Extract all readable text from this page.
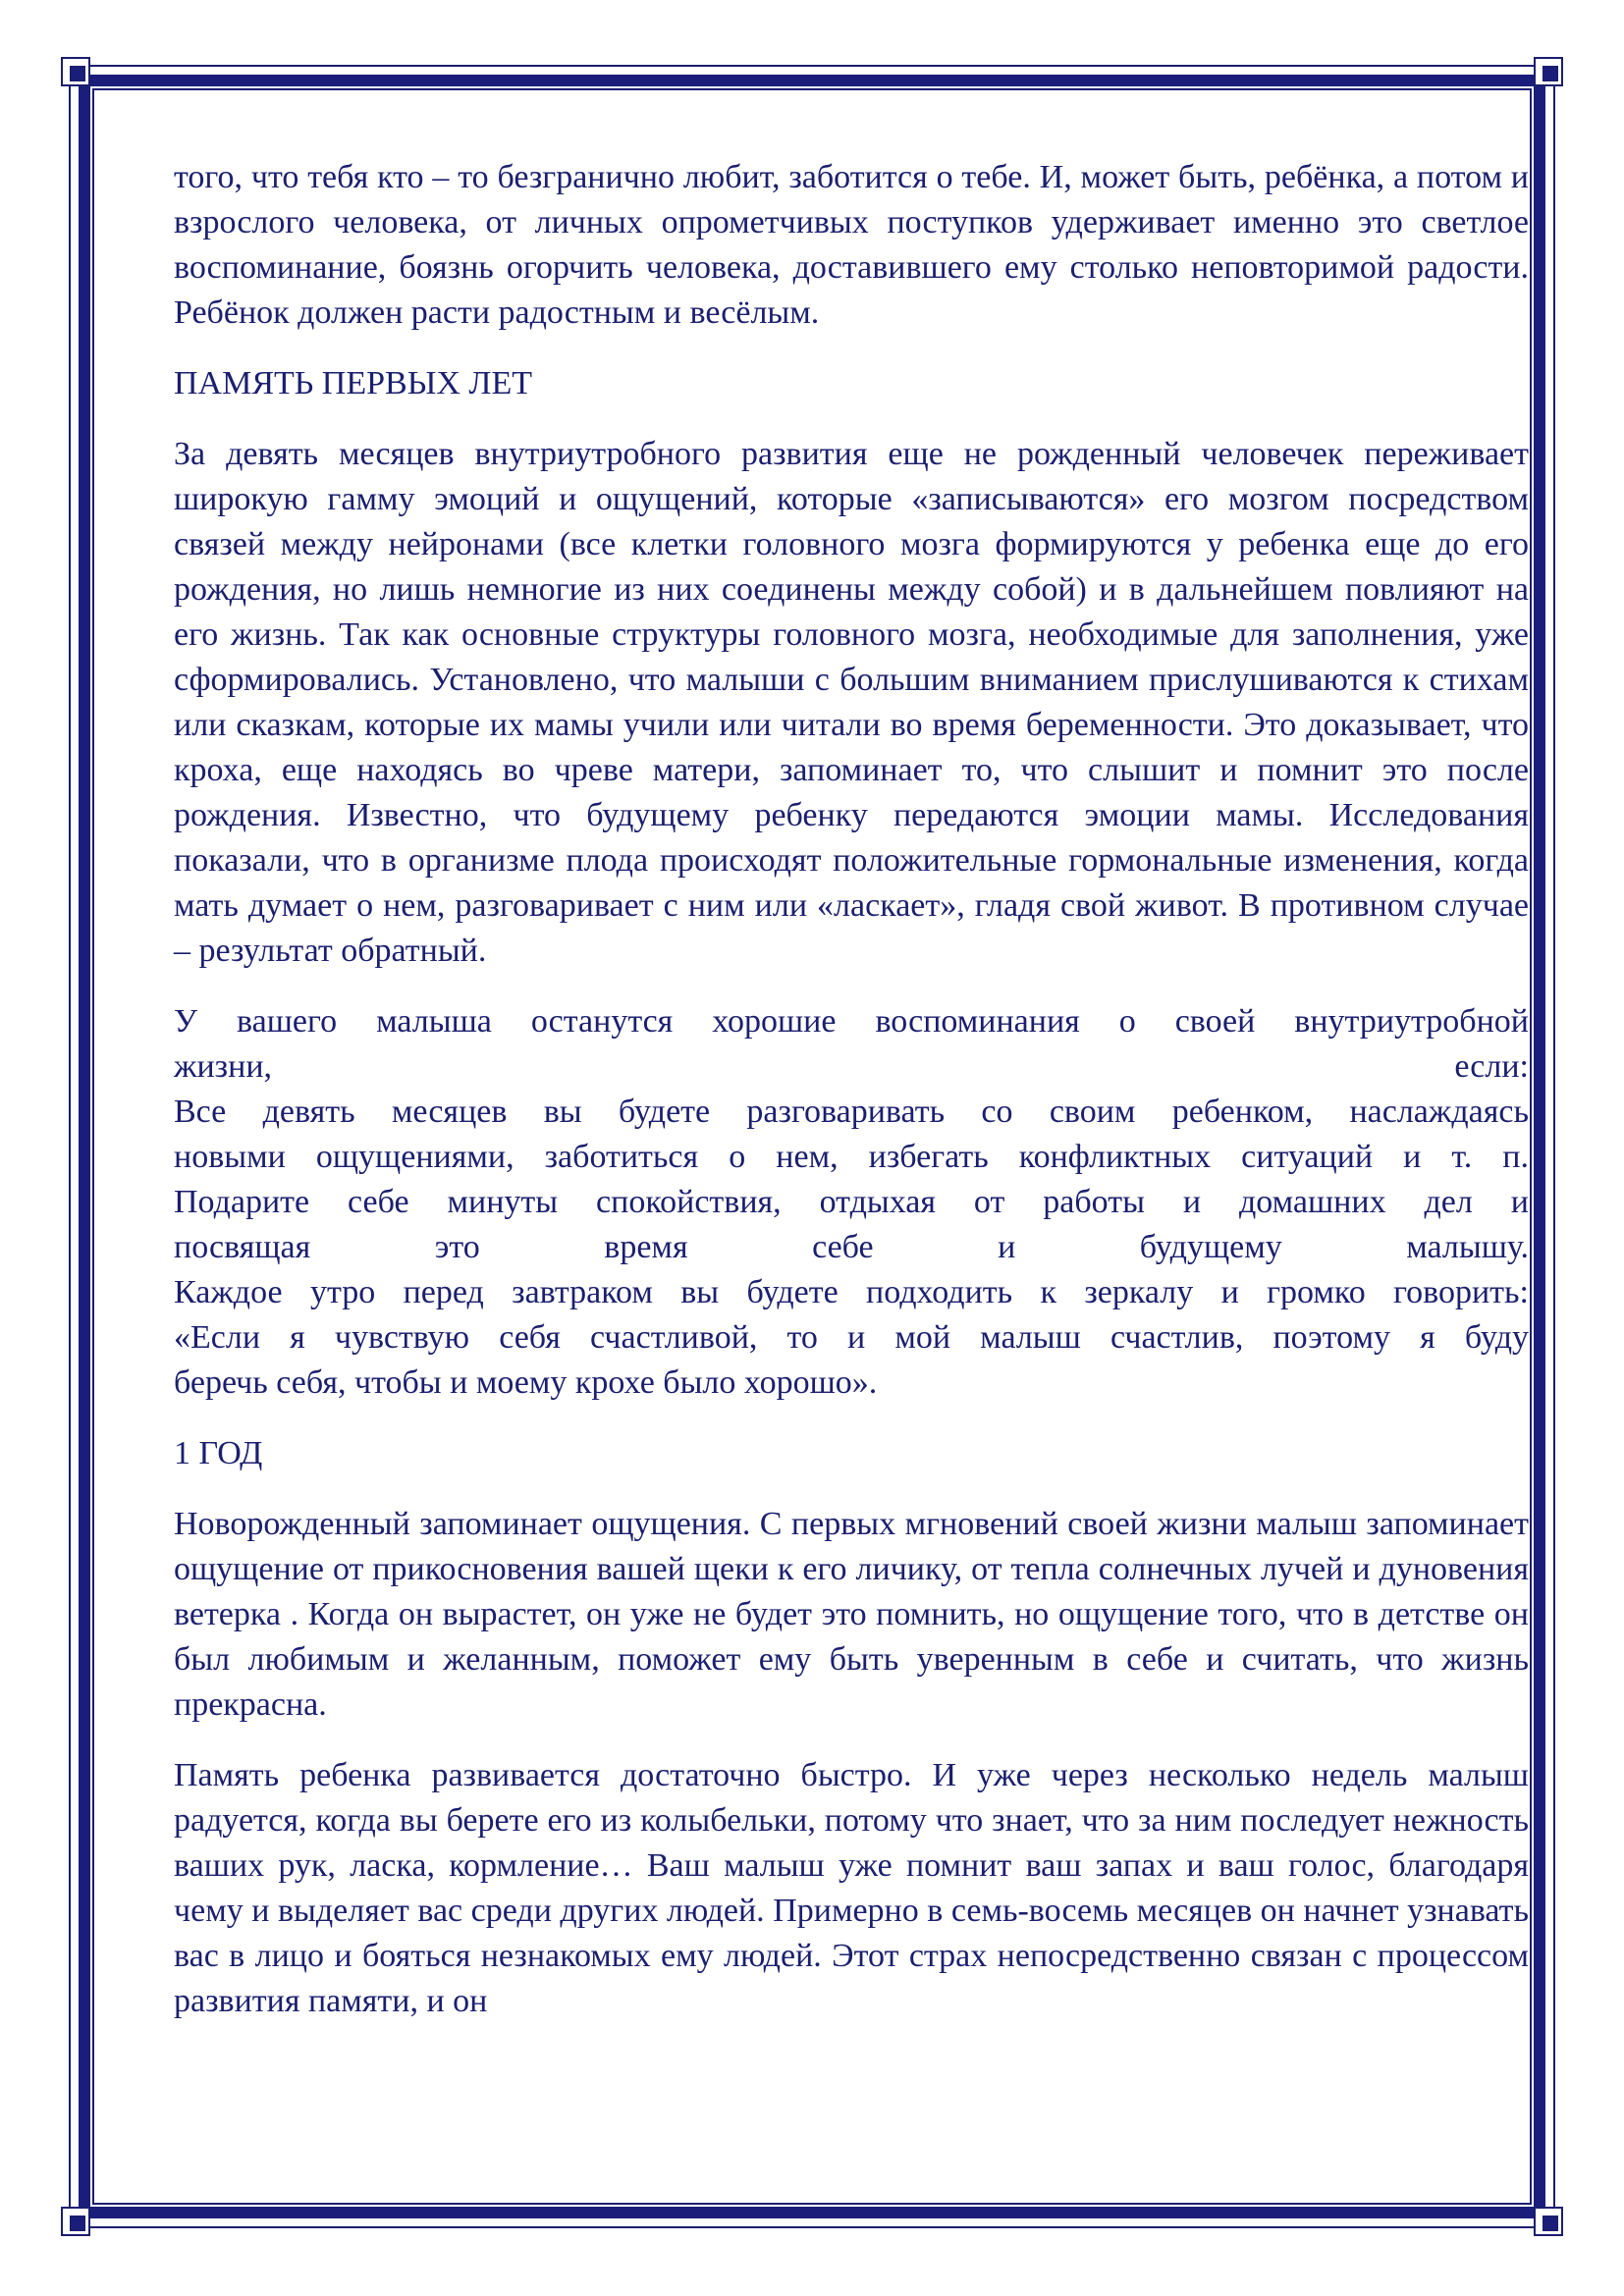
того, что тебя кто – то безгранично любит, заботится о тебе. И, может быть, ребёнка, а потом и взрослого человека, от личных опрометчивых поступков удерживает именно это светлое воспоминание, боязнь огорчить человека, доставившего ему столько неповторимой радости. Ребёнок должен расти радостным и весёлым.

ПАМЯТЬ ПЕРВЫХ ЛЕТ

За девять месяцев внутриутробного развития еще не рожденный человечек переживает широкую гамму эмоций и ощущений, которые «записываются» его мозгом посредством связей между нейронами (все клетки головного мозга формируются у ребенка еще до его рождения, но лишь немногие из них соединены между собой) и в дальнейшем повлияют на его жизнь. Так как основные структуры головного мозга, необходимые для заполнения, уже сформировались. Установлено, что малыши с большим вниманием прислушиваются к стихам или сказкам, которые их мамы учили или читали во время беременности. Это доказывает, что кроха, еще находясь во чреве матери, запоминает то, что слышит и помнит это после рождения. Известно, что будущему ребенку передаются эмоции мамы. Исследования показали, что в организме плода происходят положительные гормональные изменения, когда мать думает о нем, разговаривает с ним или «ласкает», гладя свой живот. В противном случае – результат обратный.

У вашего малыша останутся хорошие воспоминания о своей внутриутробной
жизни, если:
Все девять месяцев вы будете разговаривать со своим ребенком, наслаждаясь
новыми ощущениями, заботиться о нем, избегать конфликтных ситуаций и т. п.
Подарите себе минуты спокойствия, отдыхая от работы и домашних дел и
посвящая это время себе и будущему малышу.
Каждое утро перед завтраком вы будете подходить к зеркалу и громко говорить:
«Если я чувствую себя счастливой, то и мой малыш счастлив, поэтому я буду
беречь себя, чтобы и моему крохе было хорошо».

1 ГОД

Новорожденный запоминает ощущения. С первых мгновений своей жизни малыш запоминает ощущение от прикосновения вашей щеки к его личику, от тепла солнечных лучей и дуновения ветерка . Когда он вырастет, он уже не будет это помнить, но ощущение того, что в детстве он был любимым и желанным, поможет ему быть уверенным в себе и считать, что жизнь прекрасна.

Память ребенка развивается достаточно быстро. И уже через несколько недель малыш радуется, когда вы берете его из колыбельки, потому что знает, что за ним последует нежность ваших рук, ласка, кормление… Ваш малыш уже помнит ваш запах и ваш голос, благодаря чему и выделяет вас среди других людей. Примерно в семь-восемь месяцев он начнет узнавать вас в лицо и бояться незнакомых ему людей. Этот страх непосредственно связан с процессом развития памяти, и он
